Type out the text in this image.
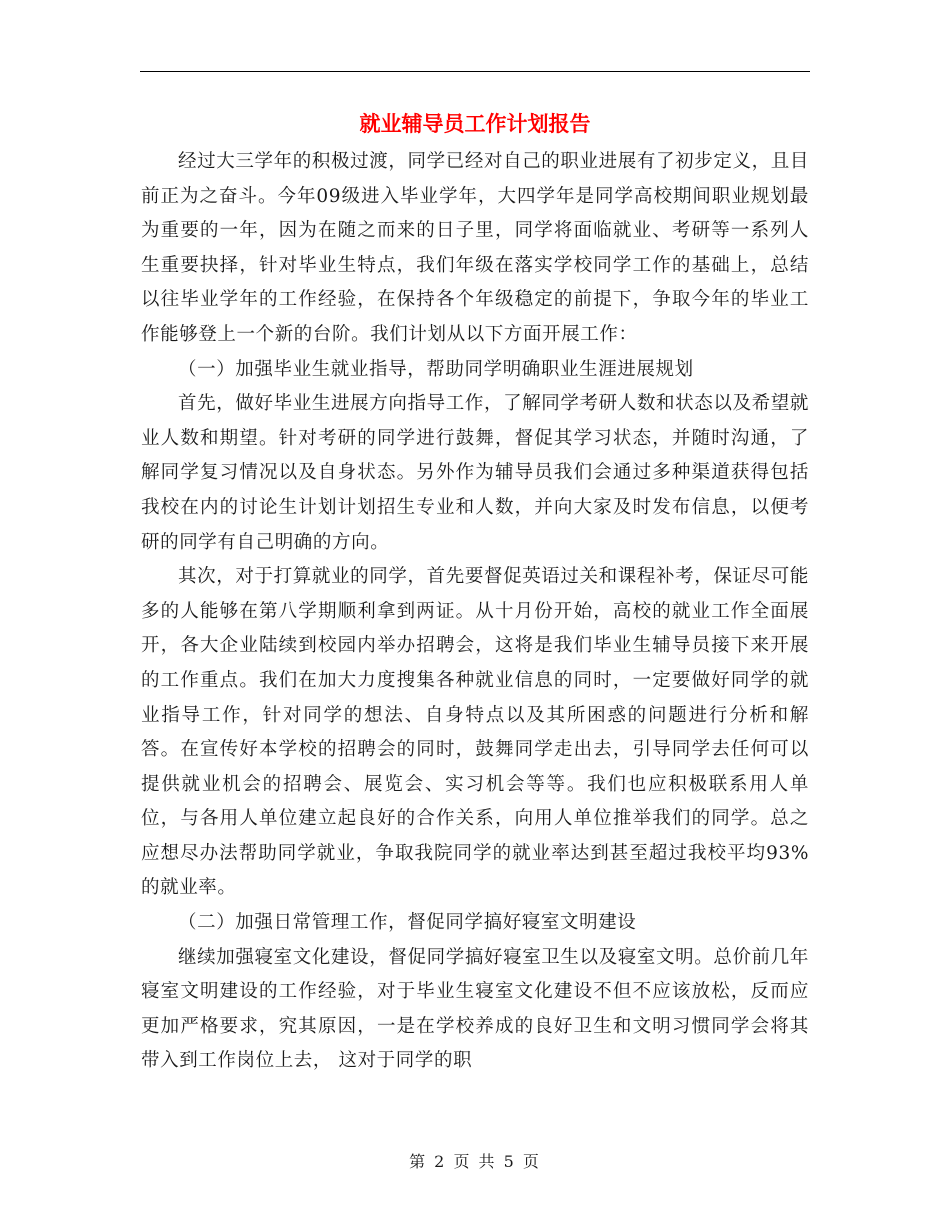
就业辅导员工作计划报告

经过大三学年的积极过渡，同学已经对自己的职业进展有了初步定义，且目前正为之奋斗。今年09级进入毕业学年，大四学年是同学高校期间职业规划最为重要的一年，因为在随之而来的日子里，同学将面临就业、考研等一系列人生重要抉择，针对毕业生特点，我们年级在落实学校同学工作的基础上，总结以往毕业学年的工作经验，在保持各个年级稳定的前提下，争取今年的毕业工作能够登上一个新的台阶。我们计划从以下方面开展工作：

（一）加强毕业生就业指导，帮助同学明确职业生涯进展规划

首先，做好毕业生进展方向指导工作，了解同学考研人数和状态以及希望就业人数和期望。针对考研的同学进行鼓舞，督促其学习状态，并随时沟通，了解同学复习情况以及自身状态。另外作为辅导员我们会通过多种渠道获得包括我校在内的讨论生计划计划招生专业和人数，并向大家及时发布信息，以便考研的同学有自己明确的方向。

其次，对于打算就业的同学，首先要督促英语过关和课程补考，保证尽可能多的人能够在第八学期顺利拿到两证。从十月份开始，高校的就业工作全面展开，各大企业陆续到校园内举办招聘会，这将是我们毕业生辅导员接下来开展的工作重点。我们在加大力度搜集各种就业信息的同时，一定要做好同学的就业指导工作，针对同学的想法、自身特点以及其所困惑的问题进行分析和解答。在宣传好本学校的招聘会的同时，鼓舞同学走出去，引导同学去任何可以提供就业机会的招聘会、展览会、实习机会等等。我们也应积极联系用人单位，与各用人单位建立起良好的合作关系，向用人单位推举我们的同学。总之应想尽办法帮助同学就业，争取我院同学的就业率达到甚至超过我校平均93%的就业率。

（二）加强日常管理工作，督促同学搞好寝室文明建设

继续加强寝室文化建设，督促同学搞好寝室卫生以及寝室文明。总价前几年寝室文明建设的工作经验，对于毕业生寝室文化建设不但不应该放松，反而应更加严格要求，究其原因，一是在学校养成的良好卫生和文明习惯同学会将其带入到工作岗位上去， 这对于同学的职

第 2 页 共 5 页
